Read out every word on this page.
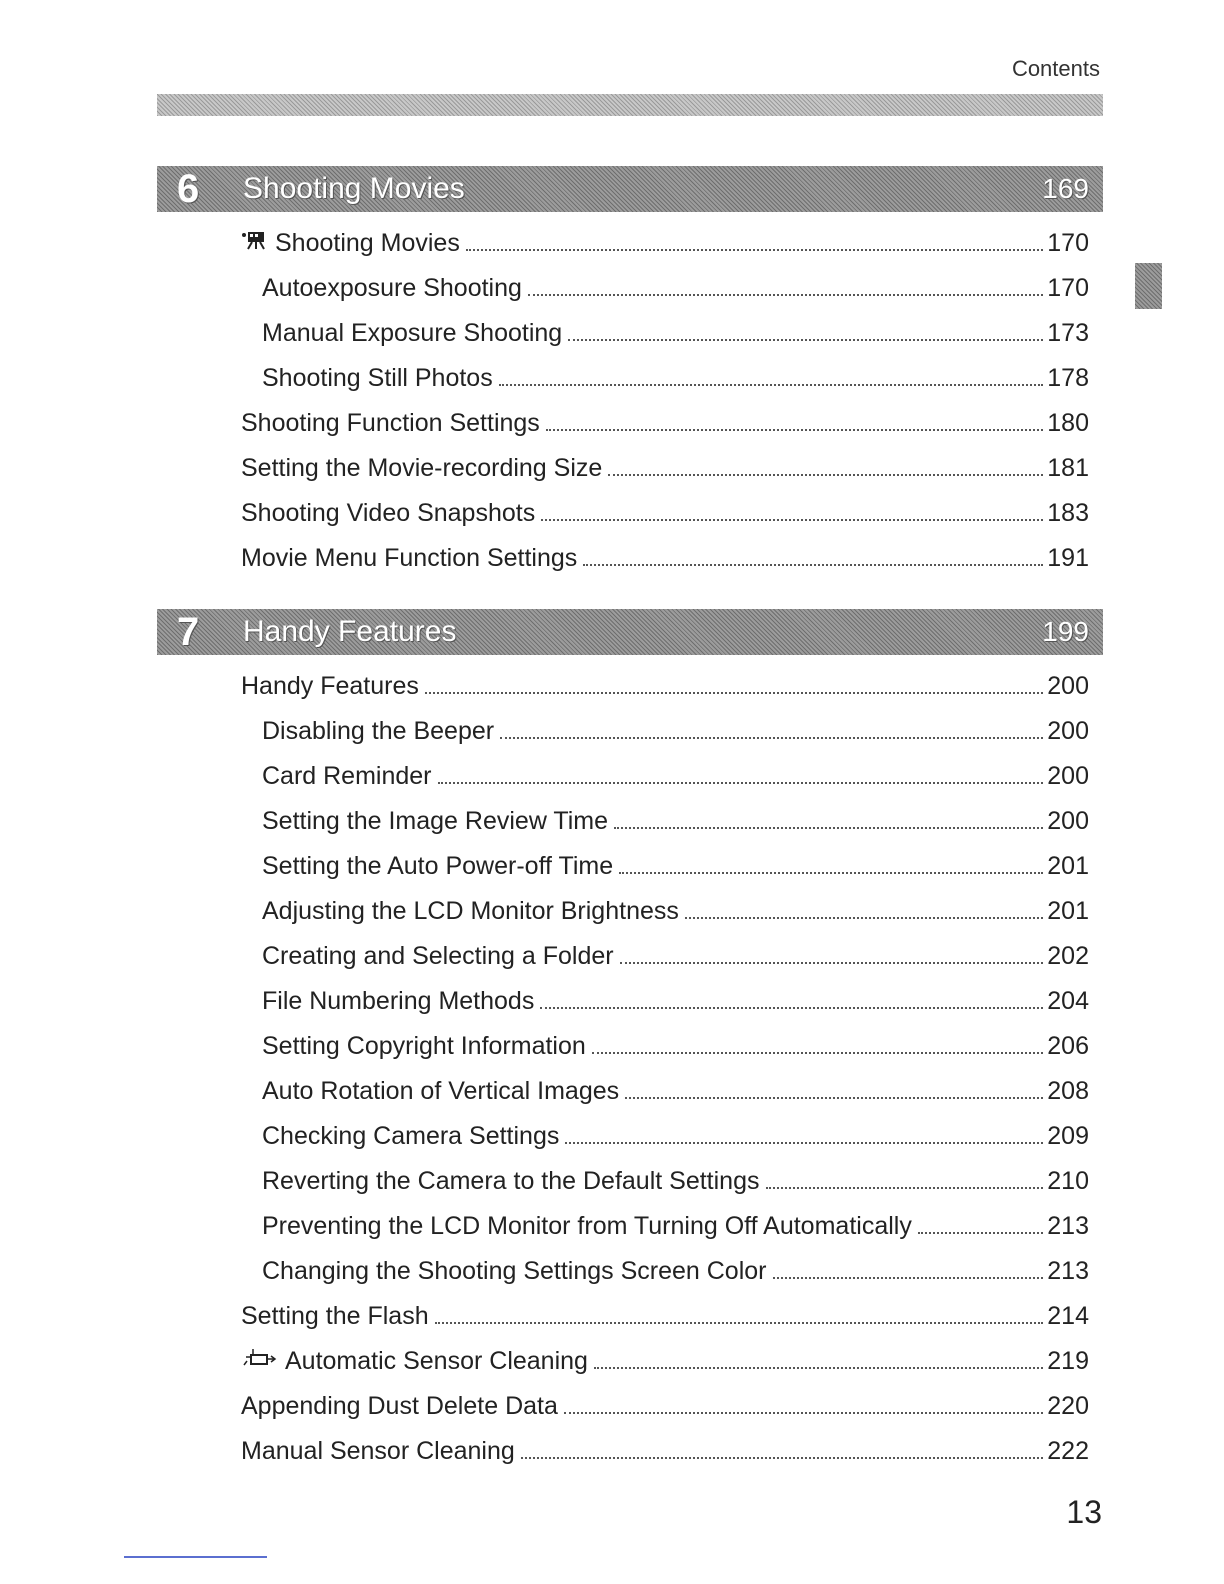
Contents
6 Shooting Movies	169
Shooting Movies	170
Autoexposure Shooting	170
Manual Exposure Shooting	173
Shooting Still Photos	178
Shooting Function Settings	180
Setting the Movie-recording Size	181
Shooting Video Snapshots	183
Movie Menu Function Settings	191
7 Handy Features	199
Handy Features	200
Disabling the Beeper	200
Card Reminder	200
Setting the Image Review Time	200
Setting the Auto Power-off Time	201
Adjusting the LCD Monitor Brightness	201
Creating and Selecting a Folder	202
File Numbering Methods	204
Setting Copyright Information	206
Auto Rotation of Vertical Images	208
Checking Camera Settings	209
Reverting the Camera to the Default Settings	210
Preventing the LCD Monitor from Turning Off Automatically	213
Changing the Shooting Settings Screen Color	213
Setting the Flash	214
Automatic Sensor Cleaning	219
Appending Dust Delete Data	220
Manual Sensor Cleaning	222
13
